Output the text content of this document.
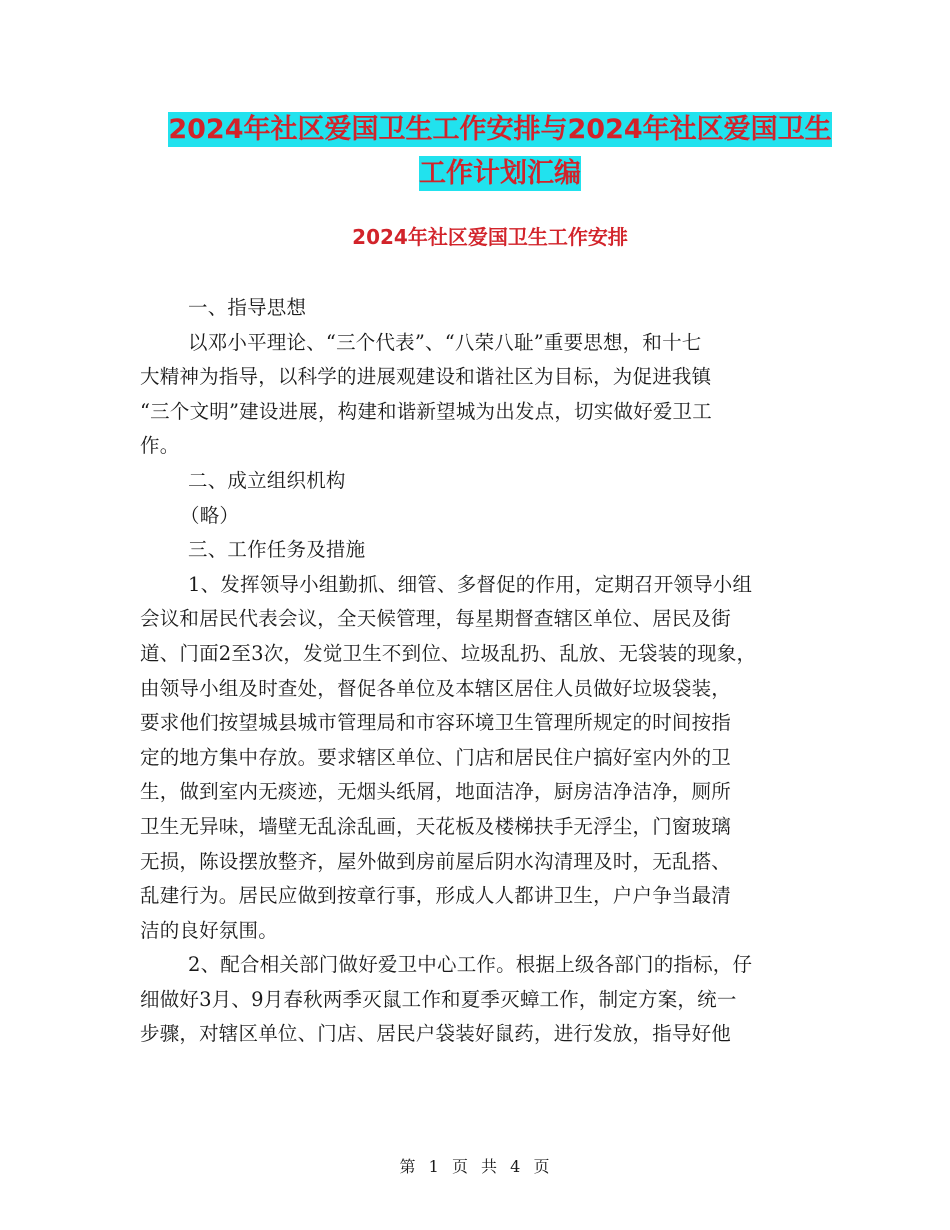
2024年社区爱国卫生工作安排与2024年社区爱国卫生
工作计划汇编
2024年社区爱国卫生工作安排
一、指导思想
以邓小平理论、“三个代表”、“八荣八耻”重要思想，和十七
大精神为指导，以科学的进展观建设和谐社区为目标，为促进我镇
“三个文明”建设进展，构建和谐新望城为出发点，切实做好爱卫工
作。
二、成立组织机构
（略）
三、工作任务及措施
1、发挥领导小组勤抓、细管、多督促的作用，定期召开领导小组
会议和居民代表会议，全天候管理，每星期督查辖区单位、居民及街
道、门面2至3次，发觉卫生不到位、垃圾乱扔、乱放、无袋装的现象，
由领导小组及时查处，督促各单位及本辖区居住人员做好垃圾袋装，
要求他们按望城县城市管理局和市容环境卫生管理所规定的时间按指
定的地方集中存放。要求辖区单位、门店和居民住户搞好室内外的卫
生，做到室内无痰迹，无烟头纸屑，地面洁净，厨房洁净洁净，厕所
卫生无异味，墙壁无乱涂乱画，天花板及楼梯扶手无浮尘，门窗玻璃
无损，陈设摆放整齐，屋外做到房前屋后阴水沟清理及时，无乱搭、
乱建行为。居民应做到按章行事，形成人人都讲卫生，户户争当最清
洁的良好氛围。
2、配合相关部门做好爱卫中心工作。根据上级各部门的指标，仔
细做好3月、9月春秋两季灭鼠工作和夏季灭蟑工作，制定方案，统一
步骤，对辖区单位、门店、居民户袋装好鼠药，进行发放，指导好他
第 1 页 共 4 页
